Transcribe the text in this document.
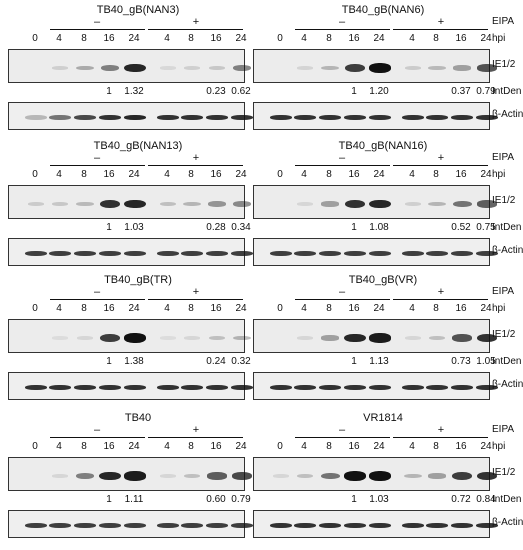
TB40_gB(NAN3)
–	+
0	4	8	16	24	4	8	16	24
1	1.32	0.23 0.62
TB40_gB(NAN6)
–	+
0	4	8	16	24	4	8	16	24
1	1.20	0.37 0.79
TB40_gB(NAN13)
–	+
0	4	8	16	24	4	8	16	24
1	1.03	0.28 0.34
TB40_gB(NAN16)
–	+
0	4	8	16	24	4	8	16	24
1	1.08	0.52 0.75
TB40_gB(TR)
–	+
0	4	8	16	24	4	8	16	24
1	1.38	0.24 0.32
TB40_gB(VR)
–	+
0	4	8	16	24	4	8	16	24
1	1.13	0.73 1.05
TB40
–	+
0	4	8	16	24	4	8	16	24
1	1.11	0.60 0.79
VR1814
–	+
0	4	8	16	24	4	8	16	24
1	1.03	0.72 0.84
EIPA
hpi
IE1/2
IntDen
β-Actin
EIPA
hpi
IE1/2
IntDen
β-Actin
EIPA
hpi
IE1/2
IntDen
β-Actin
EIPA
hpi
IE1/2
IntDen
β-Actin
